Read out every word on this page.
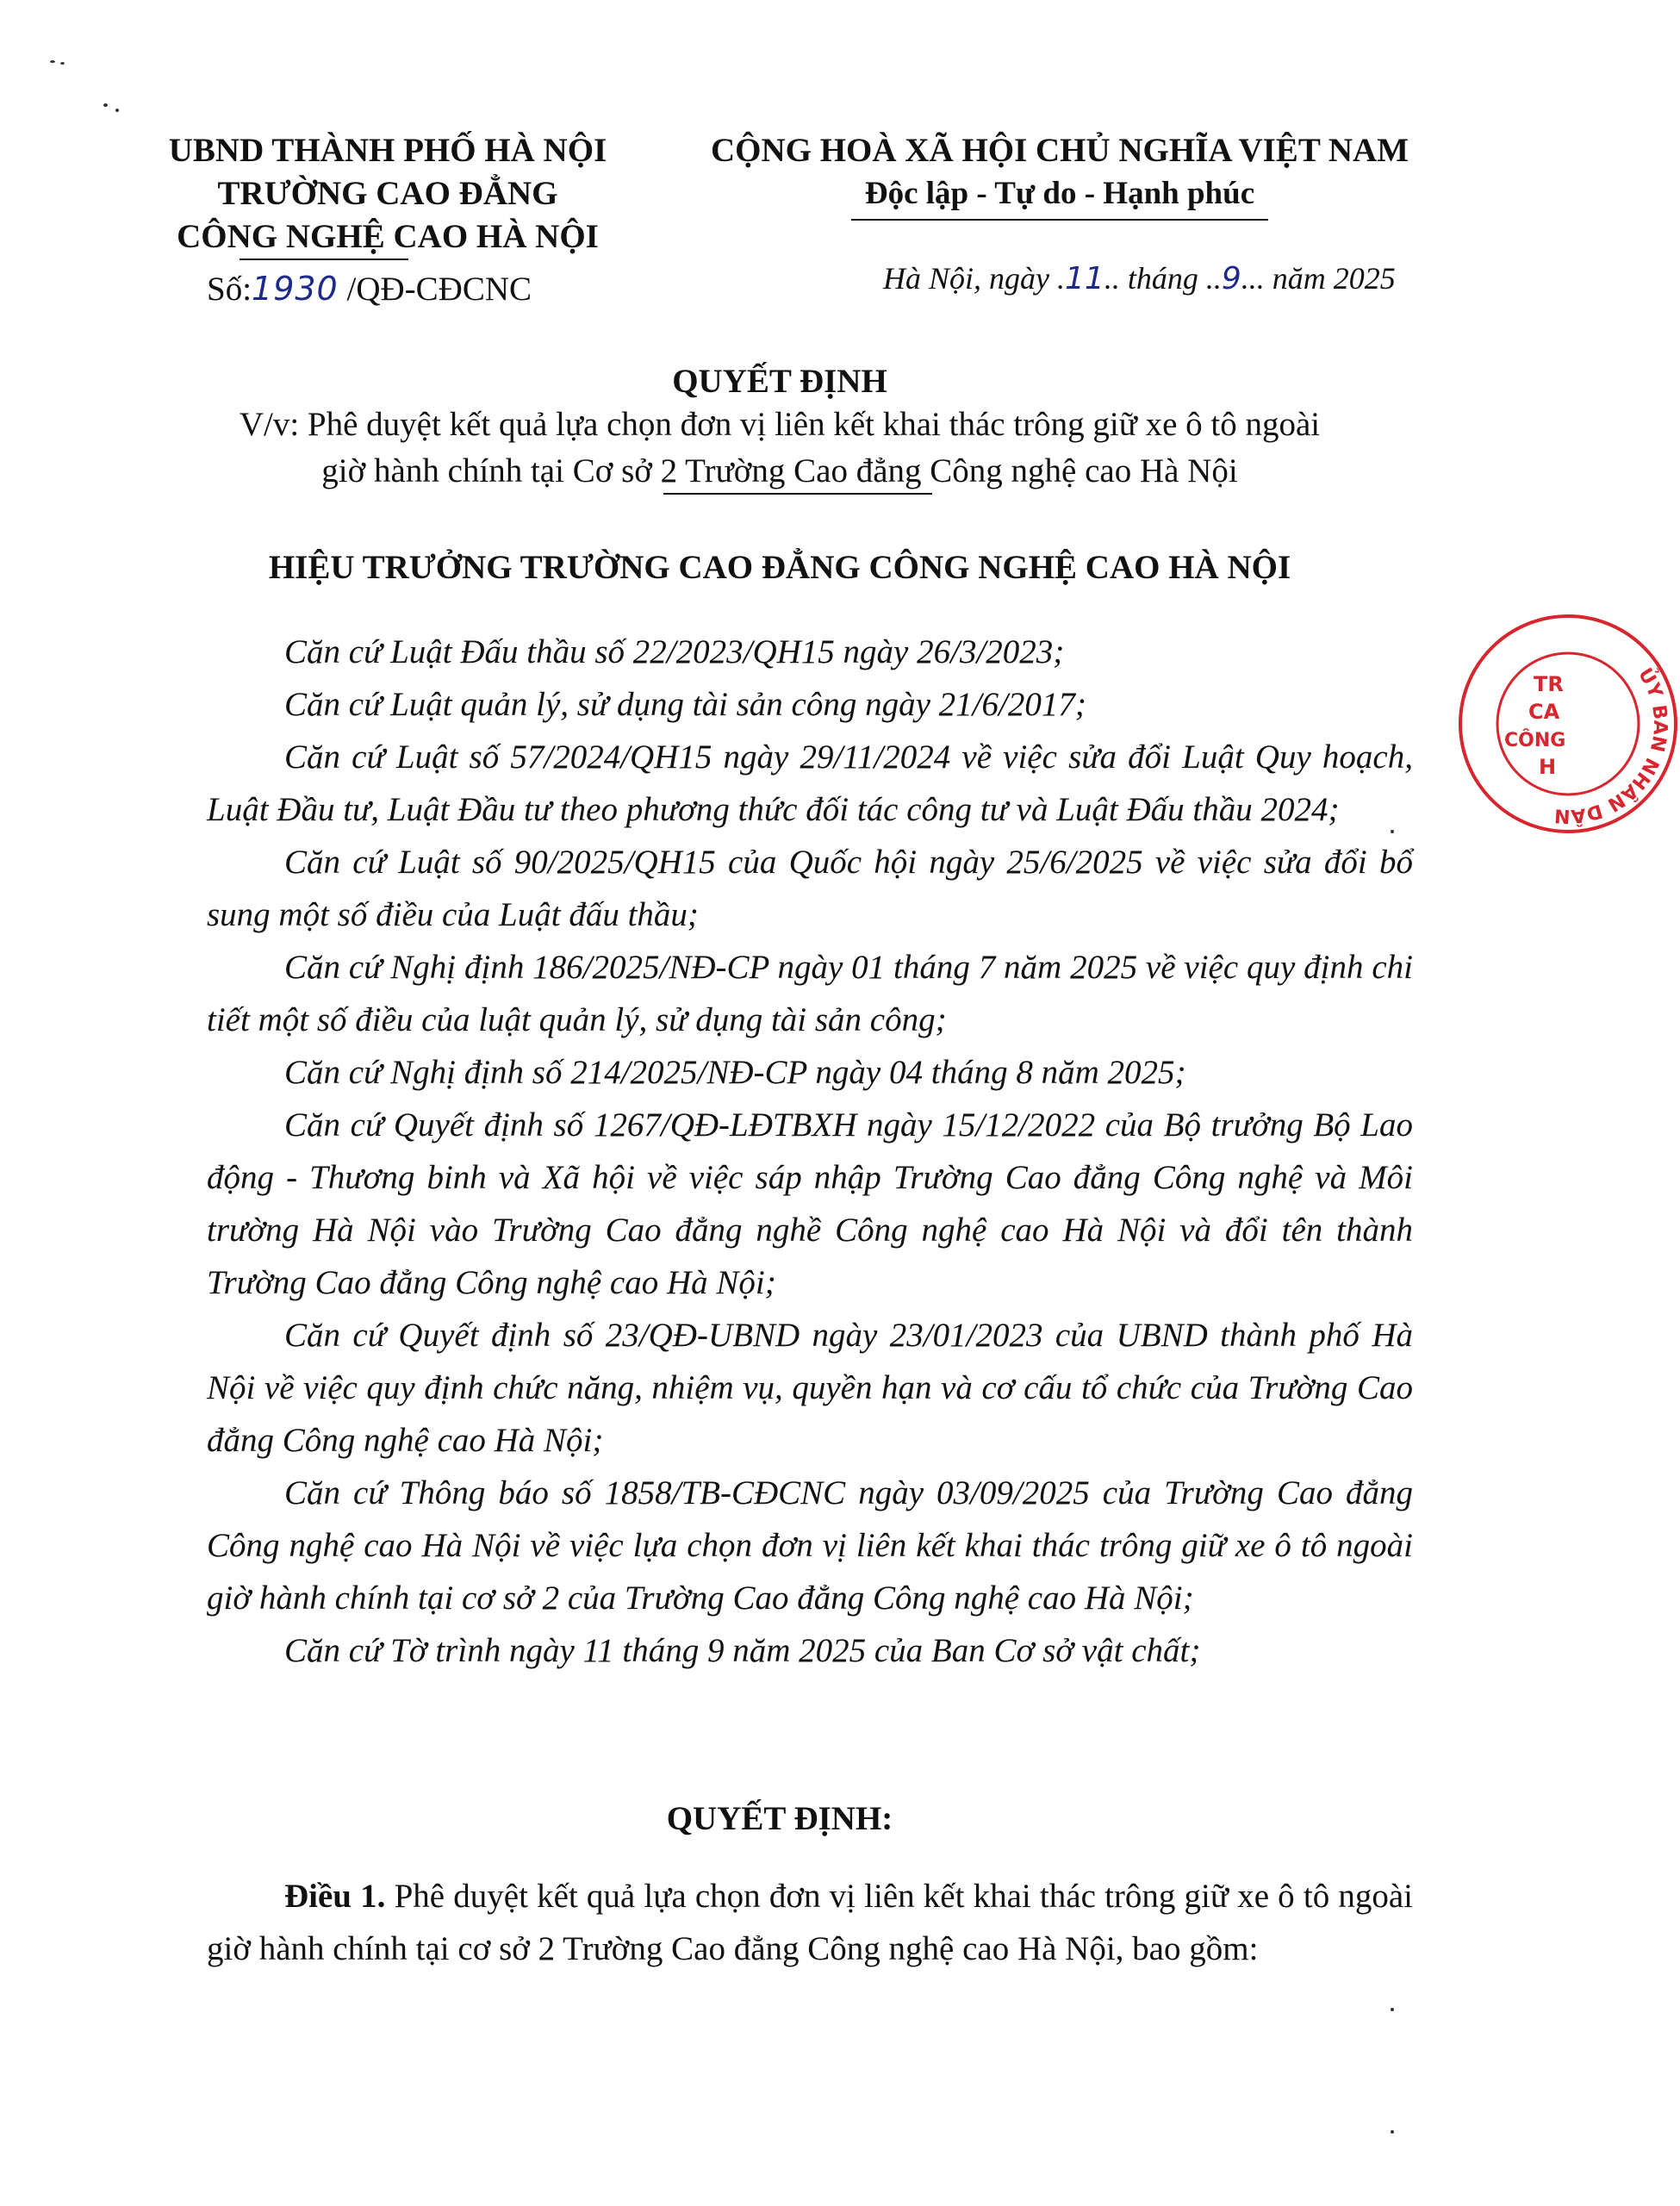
UBND THÀNH PHỐ HÀ NỘI
TRƯỜNG CAO ĐẲNG
CÔNG NGHỆ CAO HÀ NỘI
Số:1930 /QĐ-CĐCNC
CỘNG HOÀ XÃ HỘI CHỦ NGHĨA VIỆT NAM
Độc lập - Tự do - Hạnh phúc
Hà Nội, ngày .11.. tháng ..9... năm 2025
QUYẾT ĐỊNH
V/v: Phê duyệt kết quả lựa chọn đơn vị liên kết khai thác trông giữ xe ô tô ngoài
giờ hành chính tại Cơ sở 2 Trường Cao đẳng Công nghệ cao Hà Nội
HIỆU TRƯỞNG TRƯỜNG CAO ĐẲNG CÔNG NGHỆ CAO HÀ NỘI

Căn cứ Luật Đấu thầu số 22/2023/QH15 ngày 26/3/2023;

Căn cứ Luật quản lý, sử dụng tài sản công ngày 21/6/2017;

Căn cứ Luật số 57/2024/QH15 ngày 29/11/2024 về việc sửa đổi Luật Quy hoạch, Luật Đầu tư, Luật Đầu tư theo phương thức đối tác công tư và Luật Đấu thầu 2024;

Căn cứ Luật số 90/2025/QH15 của Quốc hội ngày 25/6/2025 về việc sửa đổi bổ sung một số điều của Luật đấu thầu;

Căn cứ Nghị định 186/2025/NĐ-CP ngày 01 tháng 7 năm 2025 về việc quy định chi tiết một số điều của luật quản lý, sử dụng tài sản công;

Căn cứ Nghị định số 214/2025/NĐ-CP ngày 04 tháng 8 năm 2025;

Căn cứ Quyết định số 1267/QĐ-LĐTBXH ngày 15/12/2022 của Bộ trưởng Bộ Lao động - Thương binh và Xã hội về việc sáp nhập Trường Cao đẳng Công nghệ và Môi trường Hà Nội vào Trường Cao đẳng nghề Công nghệ cao Hà Nội và đổi tên thành Trường Cao đẳng Công nghệ cao Hà Nội;

Căn cứ Quyết định số 23/QĐ-UBND ngày 23/01/2023 của UBND thành phố Hà Nội về việc quy định chức năng, nhiệm vụ, quyền hạn và cơ cấu tổ chức của Trường Cao đẳng Công nghệ cao Hà Nội;

Căn cứ Thông báo số 1858/TB-CĐCNC ngày 03/09/2025 của Trường Cao đẳng Công nghệ cao Hà Nội về việc lựa chọn đơn vị liên kết khai thác trông giữ xe ô tô ngoài giờ hành chính tại cơ sở 2 của Trường Cao đẳng Công nghệ cao Hà Nội;

Căn cứ Tờ trình ngày 11 tháng 9 năm 2025 của Ban Cơ sở vật chất;

QUYẾT ĐỊNH:

Điều 1. Phê duyệt kết quả lựa chọn đơn vị liên kết khai thác trông giữ xe ô tô ngoài giờ hành chính tại cơ sở 2 Trường Cao đẳng Công nghệ cao Hà Nội, bao gồm:

ỦY BAN NHÂN DÂN
TR
CA
CÔNG
H
